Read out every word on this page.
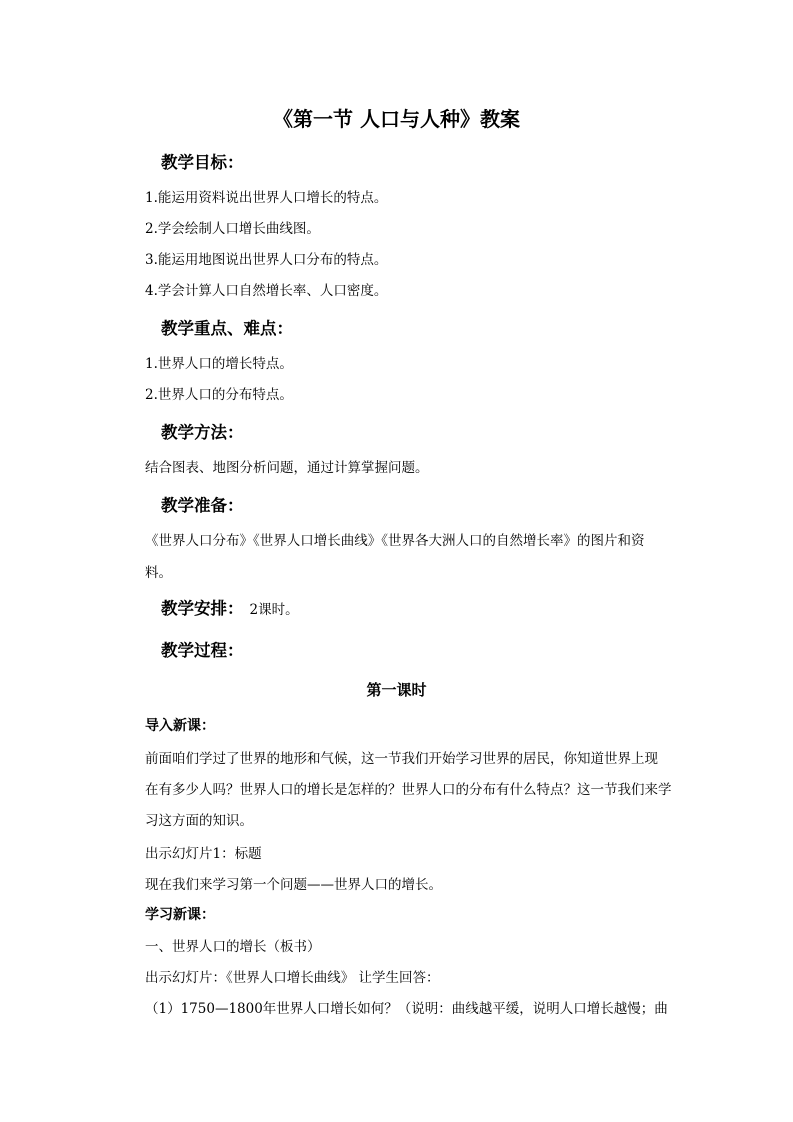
《第一节 人口与人种》教案
教学目标：
1.能运用资料说出世界人口增长的特点。
2.学会绘制人口增长曲线图。
3.能运用地图说出世界人口分布的特点。
4.学会计算人口自然增长率、人口密度。
教学重点、难点：
1.世界人口的增长特点。
2.世界人口的分布特点。
教学方法：
结合图表、地图分析问题，通过计算掌握问题。
教学准备：
《世界人口分布》《世界人口增长曲线》《世界各大洲人口的自然增长率》的图片和资
料。
教学安排： 2课时。
教学过程：
第一课时
导入新课：
前面咱们学过了世界的地形和气候，这一节我们开始学习世界的居民，你知道世界上现
在有多少人吗？世界人口的增长是怎样的？世界人口的分布有什么特点？这一节我们来学
习这方面的知识。
出示幻灯片1：标题
现在我们来学习第一个问题——世界人口的增长。
学习新课：
一、世界人口的增长（板书）
出示幻灯片：《世界人口增长曲线》 让学生回答：
（1）1750—1800年世界人口增长如何？（说明：曲线越平缓，说明人口增长越慢；曲
